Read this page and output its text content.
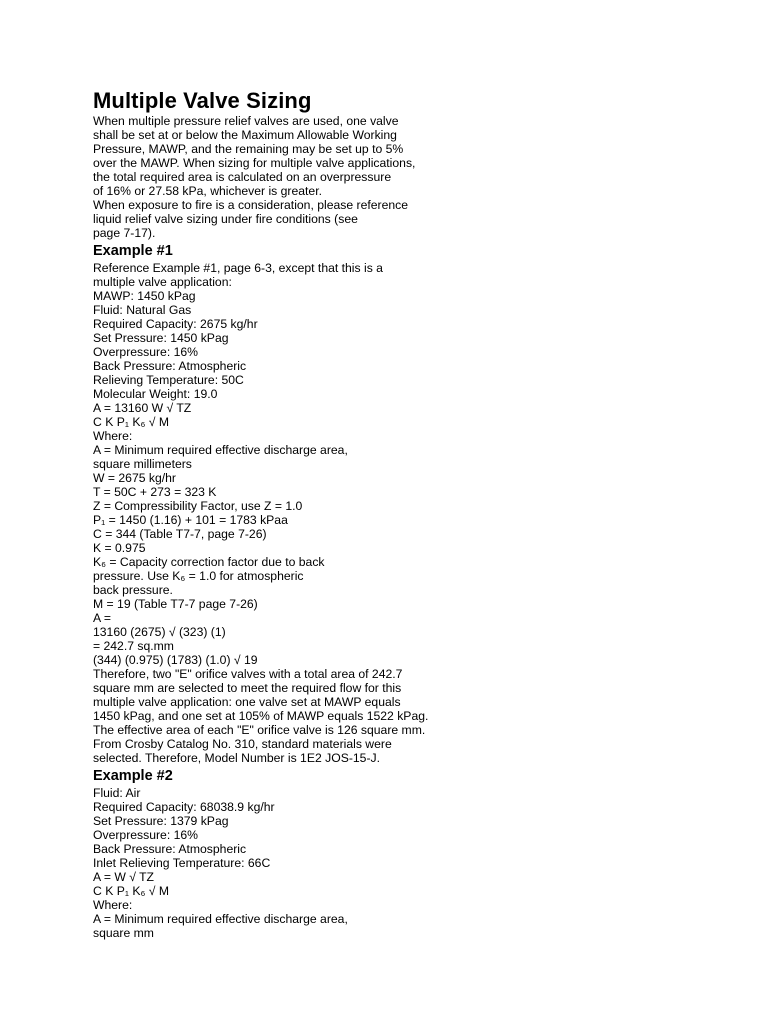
Multiple Valve Sizing
When multiple pressure relief valves are used, one valve
shall be set at or below the Maximum Allowable Working
Pressure, MAWP, and the remaining may be set up to 5%
over the MAWP. When sizing for multiple valve applications,
the total required area is calculated on an overpressure
of 16% or 27.58 kPa, whichever is greater.
When exposure to fire is a consideration, please reference
liquid relief valve sizing under fire conditions (see
page 7-17).
Example #1
Reference Example #1, page 6-3, except that this is a
multiple valve application:
MAWP: 1450 kPag
Fluid: Natural Gas
Required Capacity: 2675 kg/hr
Set Pressure: 1450 kPag
Overpressure: 16%
Back Pressure: Atmospheric
Relieving Temperature: 50C
Molecular Weight: 19.0
A = 13160 W √ TZ
C K P₁ K₆ √ M
Where:
A = Minimum required effective discharge area,
square millimeters
W = 2675 kg/hr
T = 50C + 273 = 323 K
Z = Compressibility Factor, use Z = 1.0
P₁ = 1450 (1.16) + 101 = 1783 kPaa
C = 344 (Table T7-7, page 7-26)
K = 0.975
K₆ = Capacity correction factor due to back
pressure. Use K₆ = 1.0 for atmospheric
back pressure.
M = 19 (Table T7-7 page 7-26)
A =
13160 (2675) √ (323) (1)
= 242.7 sq.mm
(344) (0.975) (1783) (1.0) √ 19
Therefore, two "E" orifice valves with a total area of 242.7
square mm are selected to meet the required flow for this
multiple valve application: one valve set at MAWP equals
1450 kPag, and one set at 105% of MAWP equals 1522 kPag.
The effective area of each "E" orifice valve is 126 square mm.
From Crosby Catalog No. 310, standard materials were
selected. Therefore, Model Number is 1E2 JOS-15-J.
Example #2
Fluid: Air
Required Capacity: 68038.9 kg/hr
Set Pressure: 1379 kPag
Overpressure: 16%
Back Pressure: Atmospheric
Inlet Relieving Temperature: 66C
A = W √ TZ
C K P₁ K₆ √ M
Where:
A = Minimum required effective discharge area,
square mm
